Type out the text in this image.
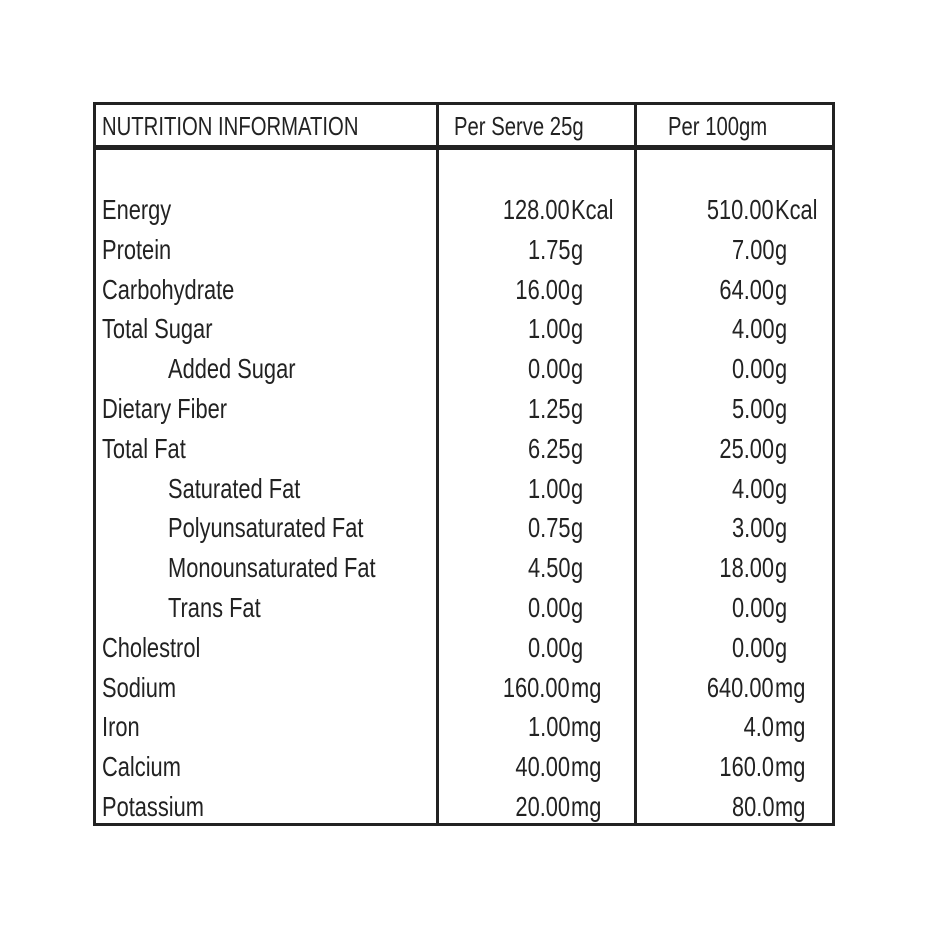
NUTRITION INFORMATION	Per Serve 25g	Per 100gm
Energy	128.00 Kcal	510.00 Kcal
Protein	1.75 g	7.00 g
Carbohydrate	16.00 g	64.00 g
Total Sugar	1.00 g	4.00 g
Added Sugar	0.00 g	0.00 g
Dietary Fiber	1.25 g	5.00 g
Total Fat	6.25 g	25.00 g
Saturated Fat	1.00 g	4.00 g
Polyunsaturated Fat	0.75 g	3.00 g
Monounsaturated Fat	4.50 g	18.00 g
Trans Fat	0.00 g	0.00 g
Cholestrol	0.00 g	0.00 g
Sodium	160.00 mg	640.00 mg
Iron	1.00 mg	4.0 mg
Calcium	40.00 mg	160.0 mg
Potassium	20.00 mg	80.0 mg
